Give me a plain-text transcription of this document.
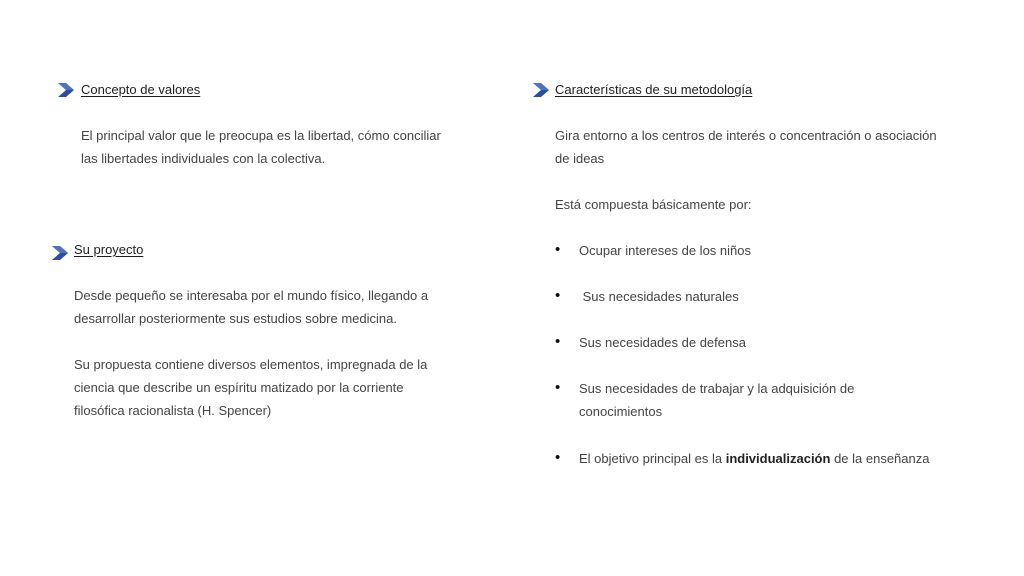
Concepto de valores

El principal valor que le preocupa es la libertad, cómo conciliar las libertades individuales con la colectiva.

Su proyecto

Desde pequeño se interesaba por el mundo físico, llegando a desarrollar posteriormente sus estudios sobre medicina.

Su propuesta contiene diversos elementos, impregnada de la ciencia que describe un espíritu matizado por la corriente filosófica racionalista (H. Spencer)

Características de su metodología

Gira entorno a los centros de interés o concentración o asociación de ideas

Está compuesta básicamente por:

• Ocupar intereses de los niños
• Sus necesidades naturales
• Sus necesidades de defensa
• Sus necesidades de trabajar y la adquisición de conocimientos
• El objetivo principal es la individualización de la enseñanza
